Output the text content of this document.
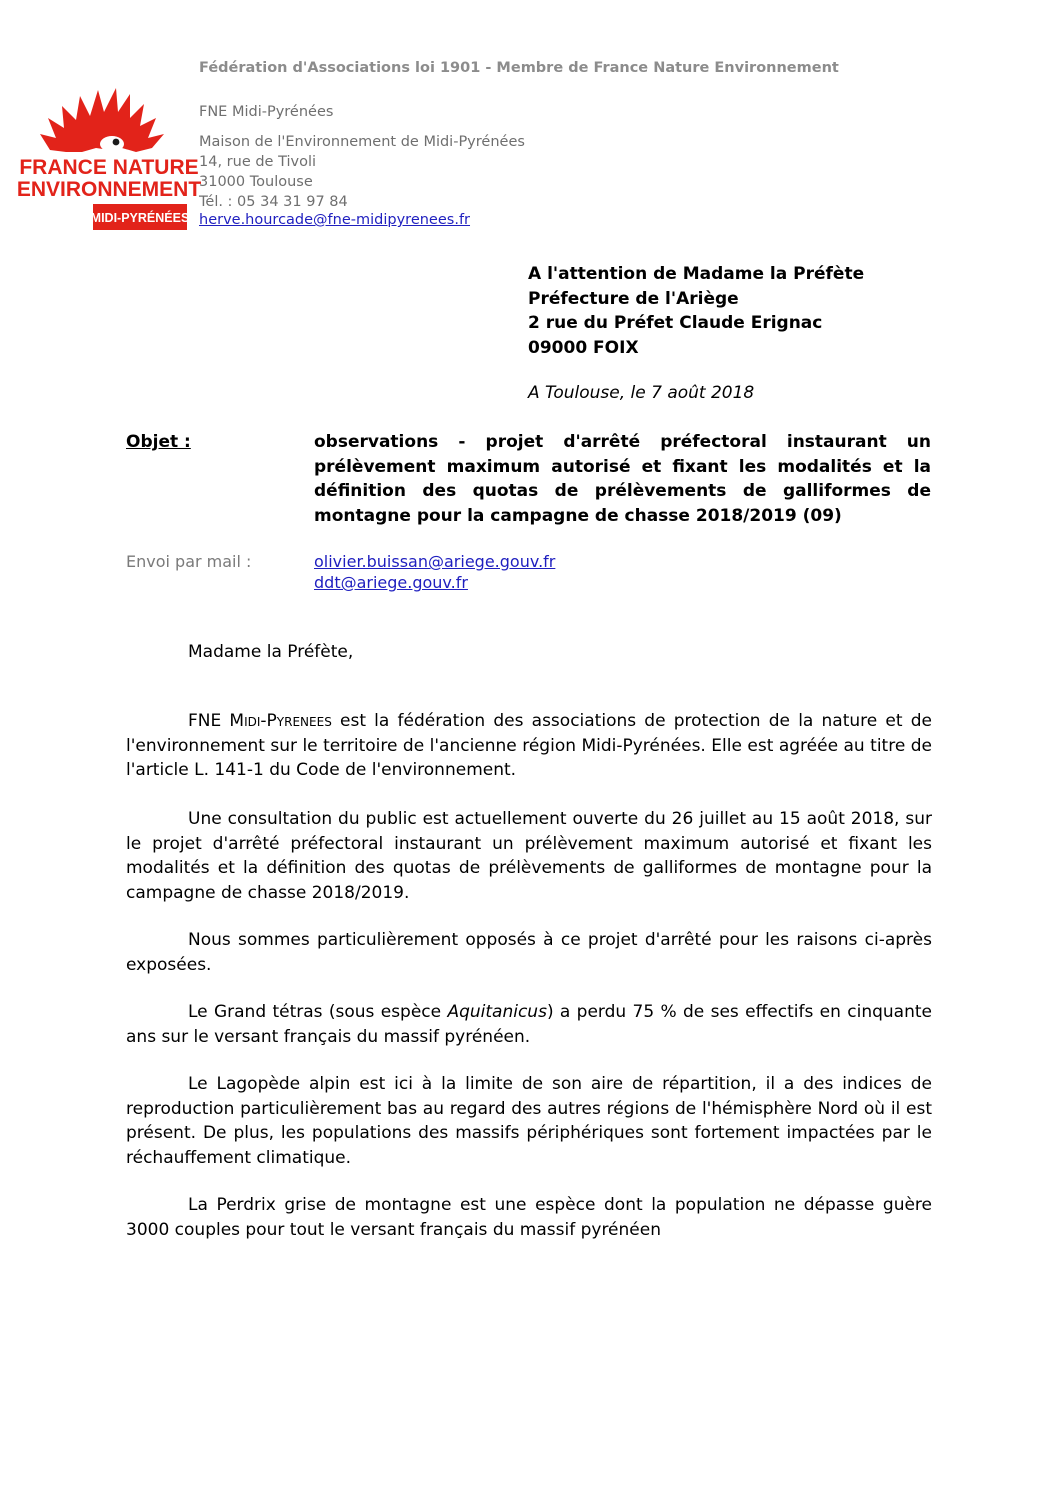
Fédération d'Associations loi 1901 - Membre de France Nature Environnement
FRANCE NATURE
ENVIRONNEMENT
MIDI-PYRÉNÉES
FNE Midi-Pyrénées
Maison de l'Environnement de Midi-Pyrénées
14, rue de Tivoli
31000 Toulouse
Tél. : 05 34 31 97 84
herve.hourcade@fne-midipyrenees.fr
A l'attention de Madame la Préfète
Préfecture de l'Ariège
2 rue du Préfet Claude Erignac
09000 FOIX
A Toulouse, le 7 août 2018
Objet :	observations - projet d'arrêté préfectoral instaurant un prélèvement maximum autorisé et fixant les modalités et la définition des quotas de prélèvements de galliformes de montagne pour la campagne de chasse 2018/2019 (09)
Envoi par mail :	olivier.buissan@ariege.gouv.fr
ddt@ariege.gouv.fr
Madame la Préfète,

FNE Midi-Pyrenees est la fédération des associations de protection de la nature et de l'environnement sur le territoire de l'ancienne région Midi-Pyrénées. Elle est agréée au titre de l'article L. 141-1 du Code de l'environnement.

Une consultation du public est actuellement ouverte du 26 juillet au 15 août 2018, sur le projet d'arrêté préfectoral instaurant un prélèvement maximum autorisé et fixant les modalités et la définition des quotas de prélèvements de galliformes de montagne pour la campagne de chasse 2018/2019.

Nous sommes particulièrement opposés à ce projet d'arrêté pour les raisons ci-après exposées.

Le Grand tétras (sous espèce Aquitanicus) a perdu 75 % de ses effectifs en cinquante ans sur le versant français du massif pyrénéen.

Le Lagopède alpin est ici à la limite de son aire de répartition, il a des indices de reproduction particulièrement bas au regard des autres régions de l'hémisphère Nord où il est présent. De plus, les populations des massifs périphériques sont fortement impactées par le réchauffement climatique.

La Perdrix grise de montagne est une espèce dont la population ne dépasse guère 3000 couples pour tout le versant français du massif pyrénéen
